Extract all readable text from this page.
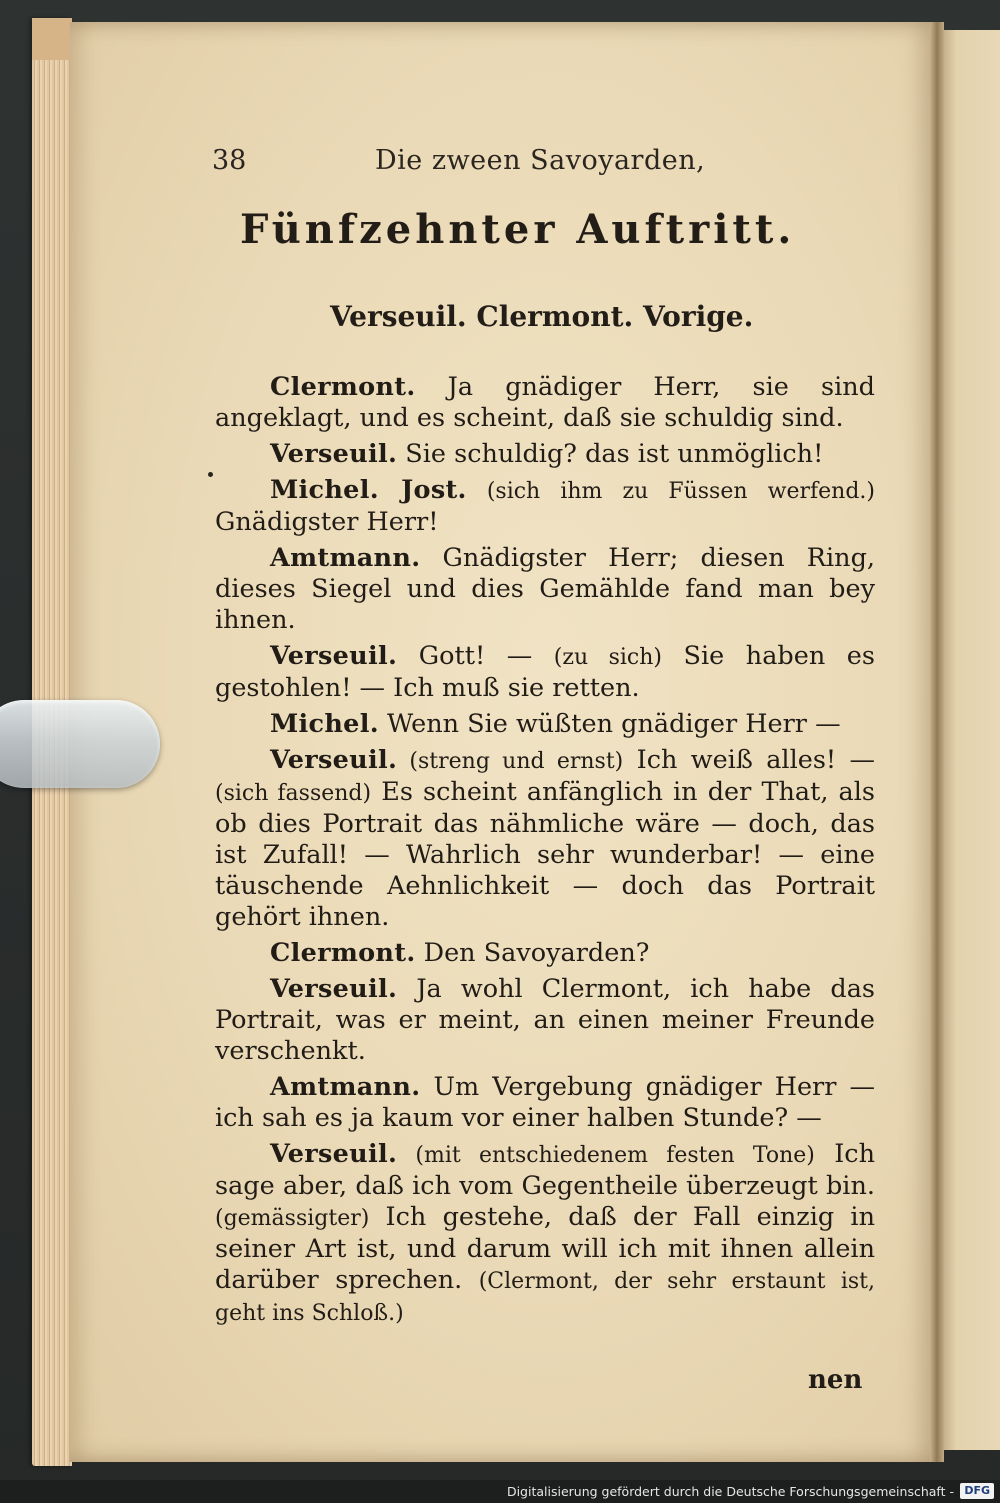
38	Die zween Savoyarden,
Fünfzehnter Auftritt.
Verseuil. Clermont. Vorige.

Clermont. Ja gnädiger Herr, sie sind angeklagt, und es scheint, daß sie schuldig sind.

Verseuil. Sie schuldig? das ist unmöglich!

Michel. Jost. (sich ihm zu Füssen werfend.) Gnädigster Herr!

Amtmann. Gnädigster Herr; diesen Ring, dieses Siegel und dies Gemählde fand man bey ihnen.

Verseuil. Gott! — (zu sich) Sie haben es gestohlen! — Ich muß sie retten.

Michel. Wenn Sie wüßten gnädiger Herr —

Verseuil. (streng und ernst) Ich weiß alles! — (sich fassend) Es scheint anfänglich in der That, als ob dies Portrait das nähmliche wäre — doch, das ist Zufall! — Wahrlich sehr wunderbar! — eine täuschende Aehnlichkeit — doch das Portrait gehört ihnen.

Clermont. Den Savoyarden?

Verseuil. Ja wohl Clermont, ich habe das Portrait, was er meint, an einen meiner Freunde verschenkt.

Amtmann. Um Vergebung gnädiger Herr — ich sah es ja kaum vor einer halben Stunde? —

Verseuil. (mit entschiedenem festen Tone) Ich sage aber, daß ich vom Gegentheile überzeugt bin. (gemässigter) Ich gestehe, daß der Fall einzig in seiner Art ist, und darum will ich mit ihnen allein darüber sprechen. (Clermont, der sehr erstaunt ist, geht ins Schloß.)

nen
Digitalisierung gefördert durch die Deutsche Forschungsgemeinschaft - DFG
